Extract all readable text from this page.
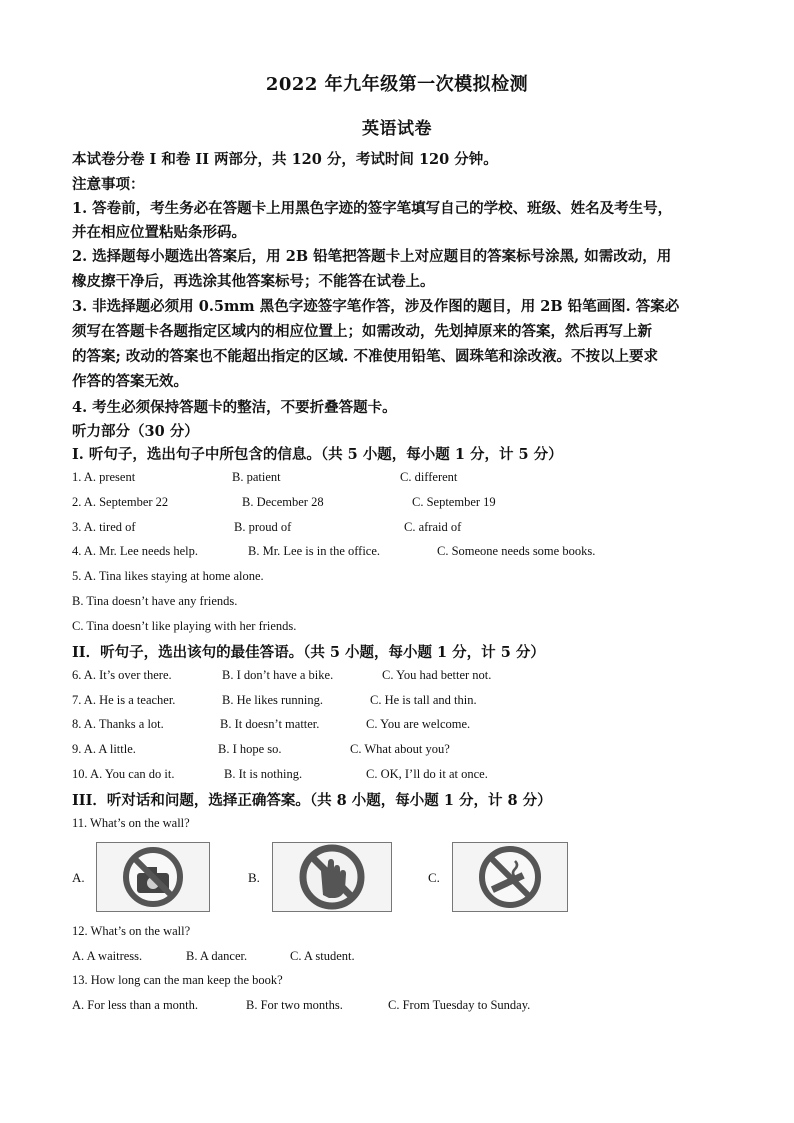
2022 年九年级第一次模拟检测
英语试卷
本试卷分卷 I 和卷 II 两部分，共 120 分，考试时间 120 分钟。
注意事项：
1. 答卷前，考生务必在答题卡上用黑色字迹的签字笔填写自己的学校、班级、姓名及考生号，
并在相应位置粘贴条形码。
2. 选择题每小题选出答案后，用 2B 铅笔把答题卡上对应题目的答案标号涂黑, 如需改动，用
橡皮擦干净后，再选涂其他答案标号；不能答在试卷上。
3. 非选择题必须用 0.5mm 黑色字迹签字笔作答，涉及作图的题目，用 2B 铅笔画图. 答案必
须写在答题卡各题指定区域内的相应位置上；如需改动，先划掉原来的答案，然后再写上新
的答案; 改动的答案也不能超出指定的区域. 不准使用铅笔、圆珠笔和涂改液。不按以上要求
作答的答案无效。
4. 考生必须保持答题卡的整洁，不要折叠答题卡。
听力部分（30 分）
I. 听句子，选出句子中所包含的信息。（共 5 小题，每小题 1 分，计 5 分）
1. A. present	B. patient	C. different
2. A. September 22	B. December 28	C. September 19
3. A. tired of	B. proud of	C. afraid of
4. A. Mr. Lee needs help.	B. Mr. Lee is in the office.	C. Someone needs some books.
5. A. Tina likes staying at home alone.
B. Tina doesn’t have any friends.
C. Tina doesn’t like playing with her friends.
II．听句子，选出该句的最佳答语。（共 5 小题，每小题 1 分，计 5 分）
6. A. It’s over there.	B. I don’t have a bike.	C. You had better not.
7. A. He is a teacher.	B. He likes running.	C. He is tall and thin.
8. A. Thanks a lot.	B. It doesn’t matter.	C. You are welcome.
9. A. A little.	B. I hope so.	C. What about you?
10. A. You can do it.	B. It is nothing.	C. OK, I’ll do it at once.
III．听对话和问题，选择正确答案。（共 8 小题，每小题 1 分，计 8 分）
11. What’s on the wall?
A.	B.	C.
12. What’s on the wall?
A. A waitress.	B. A dancer.	C. A student.
13. How long can the man keep the book?
A. For less than a month.	B. For two months.	C. From Tuesday to Sunday.
